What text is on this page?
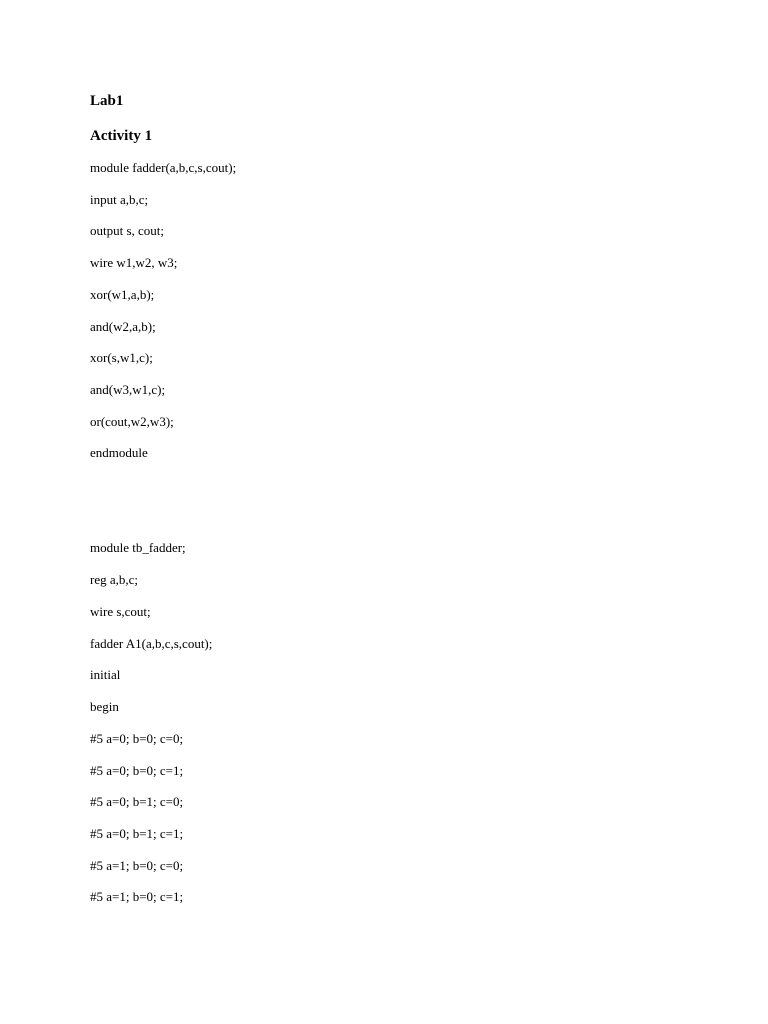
Lab1
Activity 1
module fadder(a,b,c,s,cout);
input a,b,c;
output s, cout;
wire w1,w2, w3;
xor(w1,a,b);
and(w2,a,b);
xor(s,w1,c);
and(w3,w1,c);
or(cout,w2,w3);
endmodule
module tb_fadder;
reg a,b,c;
wire s,cout;
fadder A1(a,b,c,s,cout);
initial
begin
#5 a=0; b=0; c=0;
#5 a=0; b=0; c=1;
#5 a=0; b=1; c=0;
#5 a=0; b=1; c=1;
#5 a=1; b=0; c=0;
#5 a=1; b=0; c=1;
